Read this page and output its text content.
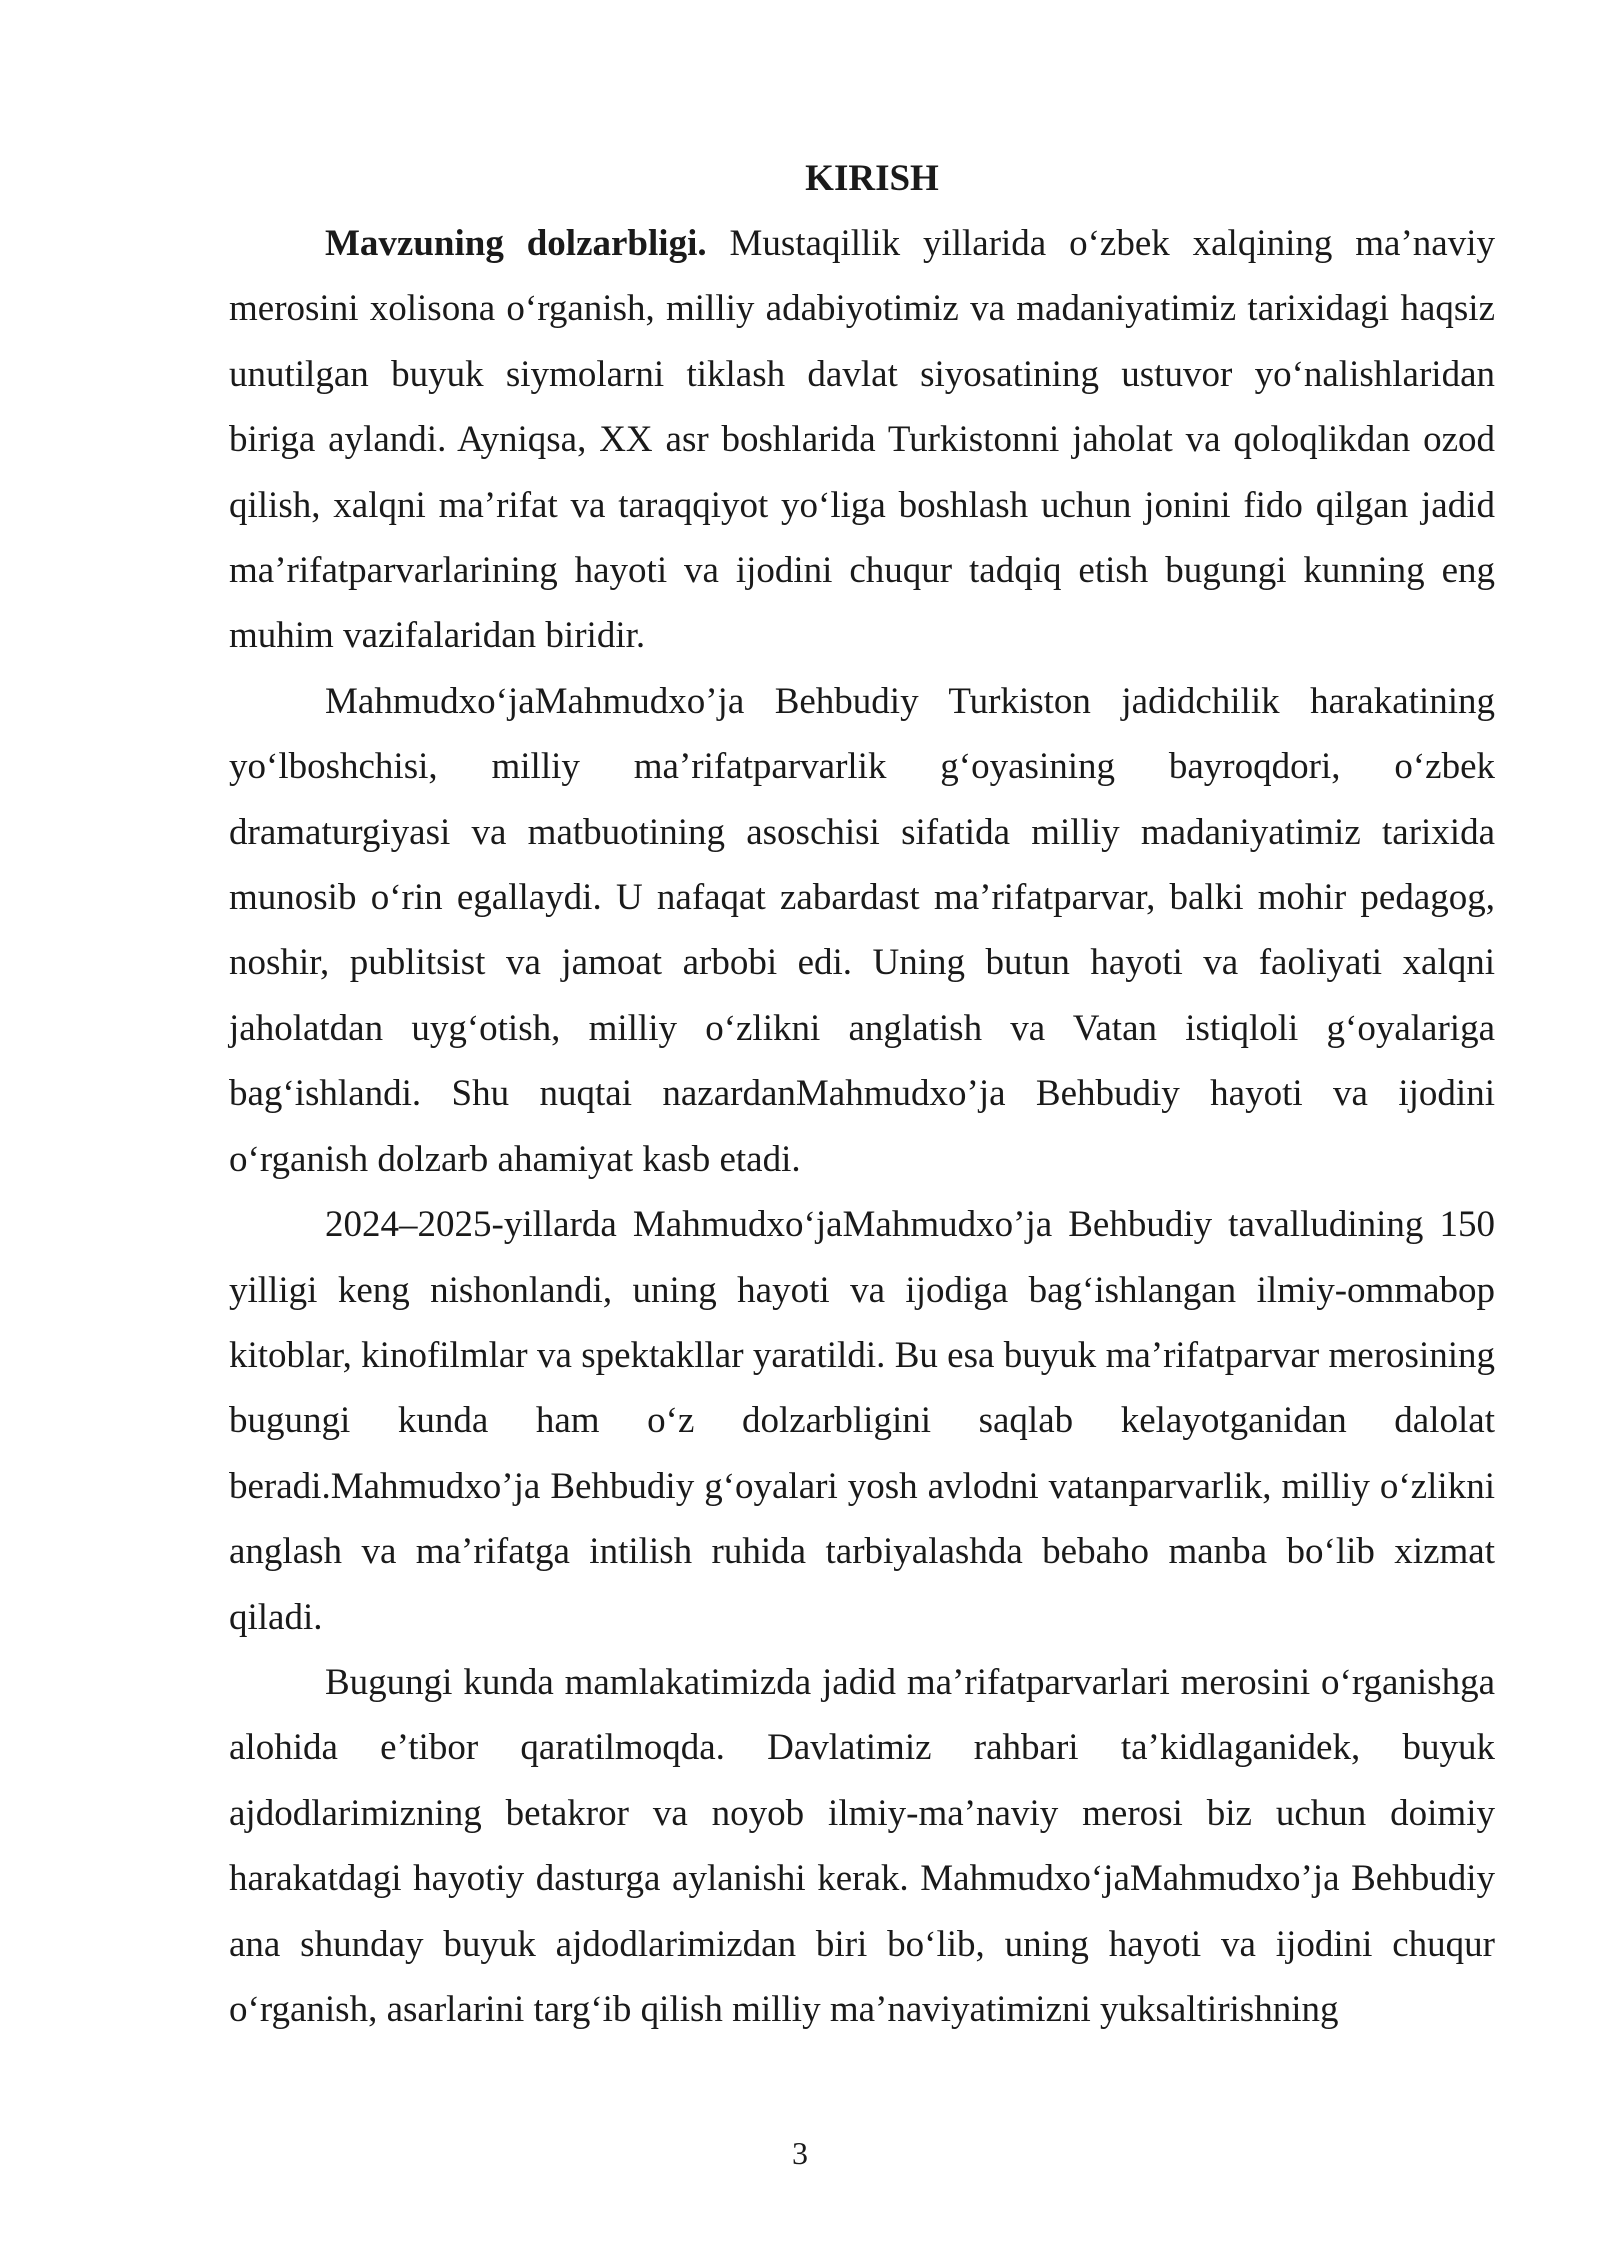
KIRISH

Mavzuning dolzarbligi. Mustaqillik yillarida o‘zbek xalqining ma’naviy merosini xolisona o‘rganish, milliy adabiyotimiz va madaniyatimiz tarixidagi haqsiz unutilgan buyuk siymolarni tiklash davlat siyosatining ustuvor yo‘nalishlaridan biriga aylandi. Ayniqsa, XX asr boshlarida Turkistonni jaholat va qoloqlikdan ozod qilish, xalqni ma’rifat va taraqqiyot yo‘liga boshlash uchun jonini fido qilgan jadid ma’rifatparvarlarining hayoti va ijodini chuqur tadqiq etish bugungi kunning eng muhim vazifalaridan biridir.

Mahmudxo‘jaMahmudxo’ja Behbudiy Turkiston jadidchilik harakatining yo‘lboshchisi, milliy ma’rifatparvarlik g‘oyasining bayroqdori, o‘zbek dramaturgiyasi va matbuotining asoschisi sifatida milliy madaniyatimiz tarixida munosib o‘rin egallaydi. U nafaqat zabardast ma’rifatparvar, balki mohir pedagog, noshir, publitsist va jamoat arbobi edi. Uning butun hayoti va faoliyati xalqni jaholatdan uyg‘otish, milliy o‘zlikni anglatish va Vatan istiqloli g‘oyalariga bag‘ishlandi. Shu nuqtai nazardanMahmudxo’ja Behbudiy hayoti va ijodini o‘rganish dolzarb ahamiyat kasb etadi.

2024–2025-yillarda Mahmudxo‘jaMahmudxo’ja Behbudiy tavalludining 150 yilligi keng nishonlandi, uning hayoti va ijodiga bag‘ishlangan ilmiy-ommabop kitoblar, kinofilmlar va spektakllar yaratildi. Bu esa buyuk ma’rifatparvar merosining bugungi kunda ham o‘z dolzarbligini saqlab kelayotganidan dalolat beradi.Mahmudxo’ja Behbudiy g‘oyalari yosh avlodni vatanparvarlik, milliy o‘zlikni anglash va ma’rifatga intilish ruhida tarbiyalashda bebaho manba bo‘lib xizmat qiladi.

Bugungi kunda mamlakatimizda jadid ma’rifatparvarlari merosini o‘rganishga alohida e’tibor qaratilmoqda. Davlatimiz rahbari ta’kidlaganidek, buyuk ajdodlarimizning betakror va noyob ilmiy-ma’naviy merosi biz uchun doimiy harakatdagi hayotiy dasturga aylanishi kerak. Mahmudxo‘jaMahmudxo’ja Behbudiy ana shunday buyuk ajdodlarimizdan biri bo‘lib, uning hayoti va ijodini chuqur o‘rganish, asarlarini targ‘ib qilish milliy ma’naviyatimizni yuksaltirishning

3
